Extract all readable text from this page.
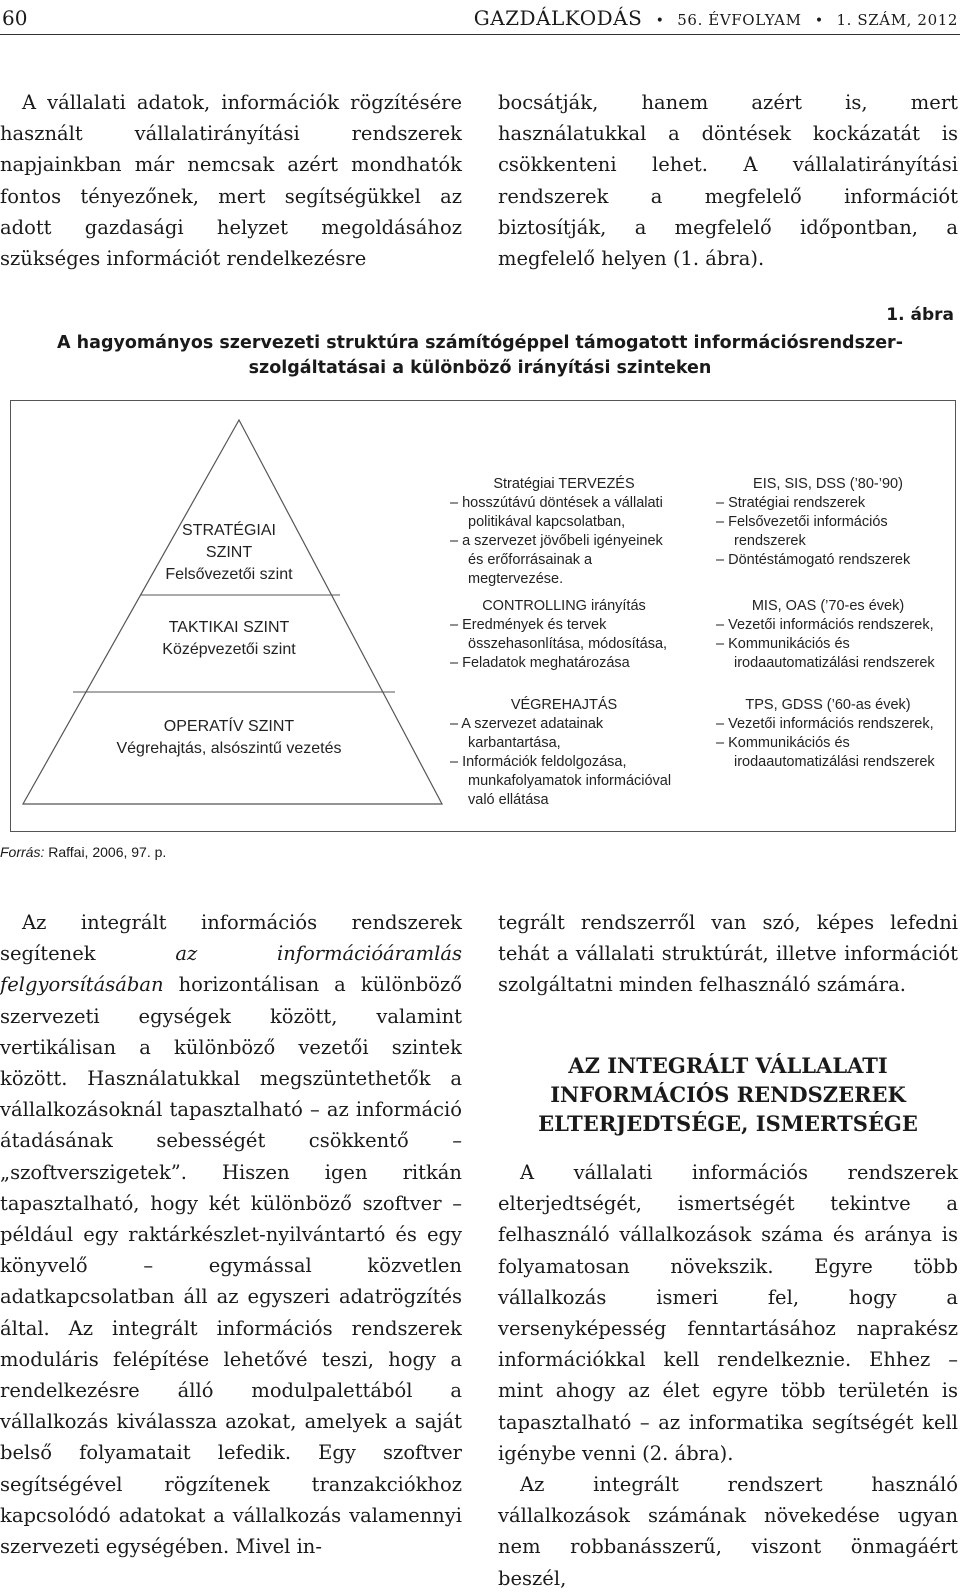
60	GAZDÁLKODÁS • 56. ÉVFOLYAM • 1. SZÁM, 2012

A vállalati adatok, információk rögzítésére használt vállalatirányítási rendszerek napjainkban már nemcsak azért mondhatók fontos tényezőnek, mert segítségükkel az adott gazdasági helyzet megoldásához szükséges információt rendelkezésre

bocsátják, hanem azért is, mert használatukkal a döntések kockázatát is csökkenteni lehet. A vállalatirányítási rendszerek a megfelelő információt biztosítják, a megfelelő időpontban, a megfelelő helyen (1. ábra).

1. ábra
A hagyományos szervezeti struktúra számítógéppel támogatott információsrendszer-szolgáltatásai a különböző irányítási szinteken
STRATÉGIAI
SZINT
Felsővezetői szint
TAKTIKAI SZINT
Középvezetői szint
OPERATÍV SZINT
Végrehajtás, alsószintű vezetés
Stratégiai TERVEZÉS
– hosszútávú döntések a vállalati politikával kapcsolatban,
– a szervezet jövőbeli igényeinek és erőforrásainak a megtervezése.
CONTROLLING irányítás
– Eredmények és tervek összehasonlítása, módosítása,
– Feladatok meghatározása
VÉGREHAJTÁS
– A szervezet adatainak karbantartása,
– Információk feldolgozása, munkafolyamatok információval való ellátása
EIS, SIS, DSS (’80-’90)
– Stratégiai rendszerek
– Felsővezetői információs rendszerek
– Döntéstámogató rendszerek
MIS, OAS (’70-es évek)
– Vezetői információs rendszerek,
– Kommunikációs és irodaautomatizálási rendszerek
TPS, GDSS (’60-as évek)
– Vezetői információs rendszerek,
– Kommunikációs és irodaautomatizálási rendszerek
Forrás: Raffai, 2006, 97. p.

Az integrált információs rendszerek segítenek az információáramlás felgyorsításában horizontálisan a különböző szervezeti egységek között, valamint vertikálisan a különböző vezetői szintek között. Használatukkal megszüntethetők a vállalkozásoknál tapasztalható – az információ átadásának sebességét csökkentő – „szoftverszigetek”. Hiszen igen ritkán tapasztalható, hogy két különböző szoftver – például egy raktárkészlet-nyilvántartó és egy könyvelő – egymással közvetlen adatkapcsolatban áll az egyszeri adatrögzítés által. Az integrált információs rendszerek moduláris felépítése lehetővé teszi, hogy a rendelkezésre álló modulpalettából a vállalkozás kiválassza azokat, amelyek a saját belső folyamatait lefedik. Egy szoftver segítségével rögzítenek tranzakciókhoz kapcsolódó adatokat a vállalkozás valamennyi szervezeti egységében. Mivel in-

tegrált rendszerről van szó, képes lefedni tehát a vállalati struktúrát, illetve információt szolgáltatni minden felhasználó számára.

AZ INTEGRÁLT VÁLLALATI
INFORMÁCIÓS RENDSZEREK
ELTERJEDTSÉGE, ISMERTSÉGE

A vállalati információs rendszerek elterjedtségét, ismertségét tekintve a felhasználó vállalkozások száma és aránya is folyamatosan növekszik. Egyre több vállalkozás ismeri fel, hogy a versenyképesség fenntartásához naprakész információkkal kell rendelkeznie. Ehhez – mint ahogy az élet egyre több területén is tapasztalható – az informatika segítségét kell igénybe venni (2. ábra).

Az integrált rendszert használó vállalkozások számának növekedése ugyan nem robbanásszerű, viszont önmagáért beszél,
